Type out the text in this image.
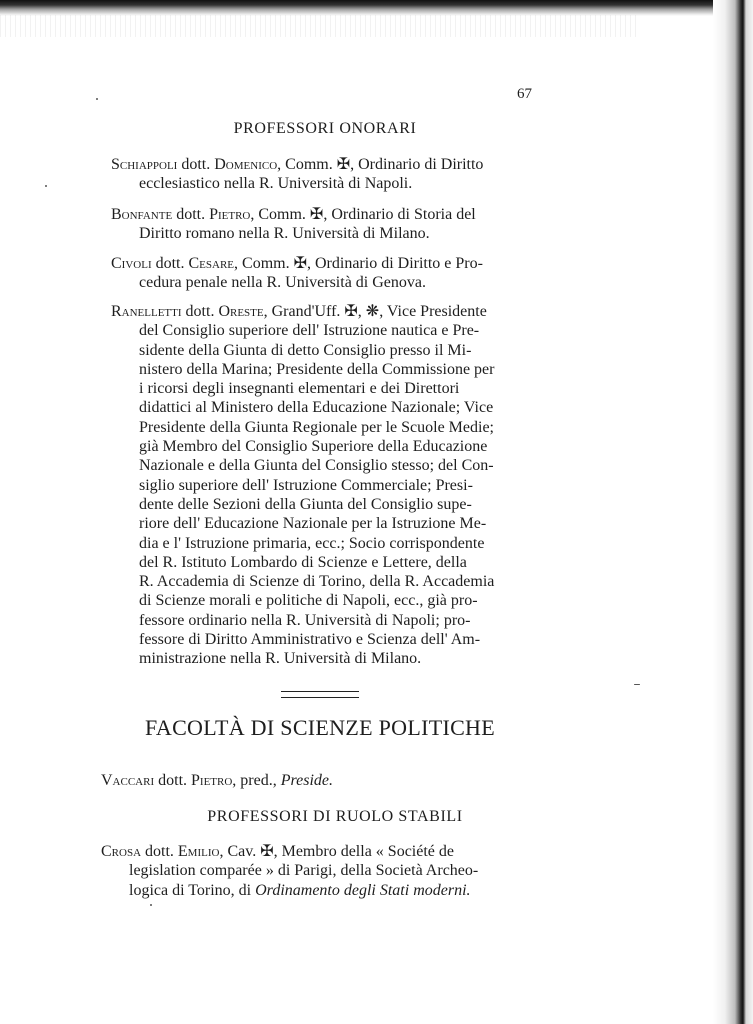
67
PROFESSORI ONORARI
Schiappoli dott. Domenico, Comm. ✠, Ordinario di Diritto
ecclesiastico nella R. Università di Napoli.
Bonfante dott. Pietro, Comm. ✠, Ordinario di Storia del
Diritto romano nella R. Università di Milano.
Civoli dott. Cesare, Comm. ✠, Ordinario di Diritto e Pro-
cedura penale nella R. Università di Genova.
Ranelletti dott. Oreste, Grand'Uff. ✠, ❋, Vice Presidente
del Consiglio superiore dell' Istruzione nautica e Pre-
sidente della Giunta di detto Consiglio presso il Mi-
nistero della Marina; Presidente della Commissione per
i ricorsi degli insegnanti elementari e dei Direttori
didattici al Ministero della Educazione Nazionale; Vice
Presidente della Giunta Regionale per le Scuole Medie;
già Membro del Consiglio Superiore della Educazione
Nazionale e della Giunta del Consiglio stesso; del Con-
siglio superiore dell' Istruzione Commerciale; Presi-
dente delle Sezioni della Giunta del Consiglio supe-
riore dell' Educazione Nazionale per la Istruzione Me-
dia e l' Istruzione primaria, ecc.; Socio corrispondente
del R. Istituto Lombardo di Scienze e Lettere, della
R. Accademia di Scienze di Torino, della R. Accademia
di Scienze morali e politiche di Napoli, ecc., già pro-
fessore ordinario nella R. Università di Napoli; pro-
fessore di Diritto Amministrativo e Scienza dell' Am-
ministrazione nella R. Università di Milano.
FACOLTÀ DI SCIENZE POLITICHE
Vaccari dott. Pietro, pred., Preside.
PROFESSORI DI RUOLO STABILI
Crosa dott. Emilio, Cav. ✠, Membro della « Société de
legislation comparée » di Parigi, della Società Archeo-
logica di Torino, di Ordinamento degli Stati moderni.
